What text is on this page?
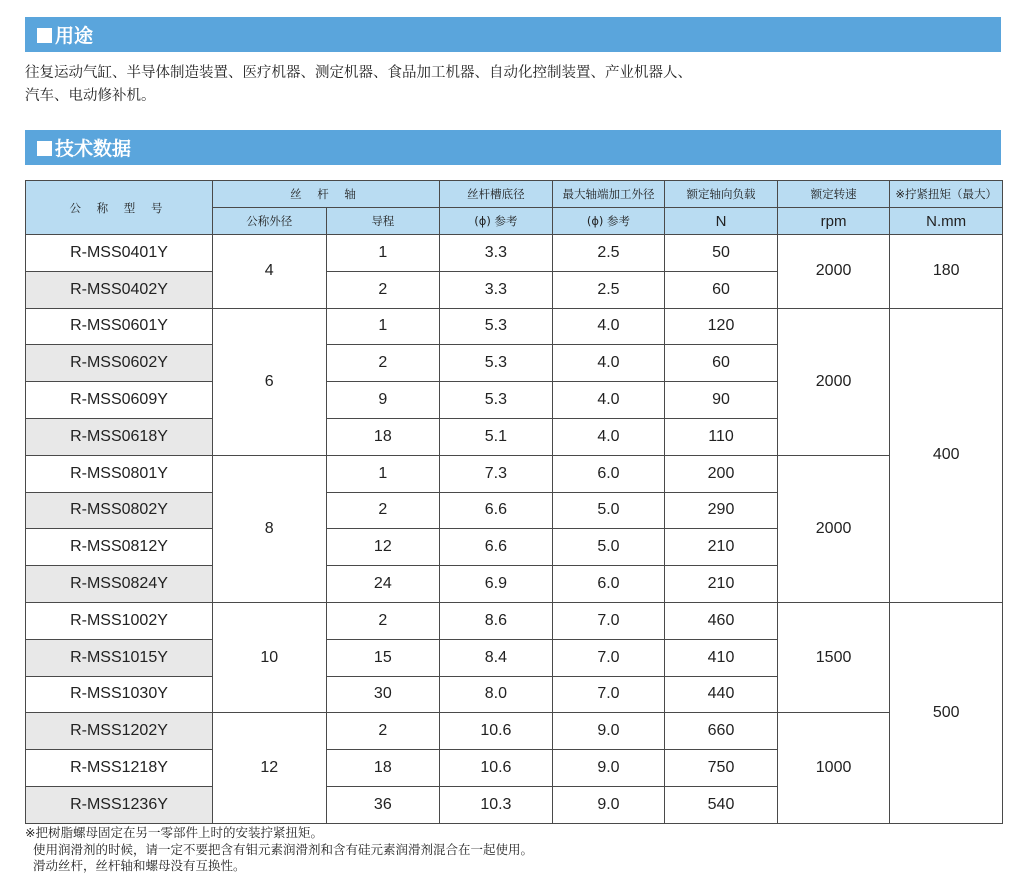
用途
往复运动气缸、半导体制造装置、医疗机器、测定机器、食品加工机器、自动化控制装置、产业机器人、
汽车、电动修补机。
技术数据
公 称 型 号	丝 杆 轴		丝杆槽底径	最大轴端加工外径	额定轴向负载	额定转速	※拧紧扭矩（最大）
	公称外径	导程	(ϕ) 参考	(ϕ) 参考	N	rpm	N.mm
R-MSS0401Y	4	1	3.3	2.5	50	2000	180
R-MSS0402Y		2	3.3	2.5	60		
R-MSS0601Y	6	1	5.3	4.0	120	2000	400
R-MSS0602Y		2	5.3	4.0	60		
R-MSS0609Y		9	5.3	4.0	90		
R-MSS0618Y		18	5.1	4.0	110		
R-MSS0801Y	8	1	7.3	6.0	200	2000	
R-MSS0802Y		2	6.6	5.0	290		
R-MSS0812Y		12	6.6	5.0	210		
R-MSS0824Y		24	6.9	6.0	210		
R-MSS1002Y	10	2	8.6	7.0	460	1500	500
R-MSS1015Y		15	8.4	7.0	410		
R-MSS1030Y		30	8.0	7.0	440		
R-MSS1202Y	12	2	10.6	9.0	660	1000	
R-MSS1218Y		18	10.6	9.0	750		
R-MSS1236Y		36	10.3	9.0	540		
※把树脂螺母固定在另一零部件上时的安装拧紧扭矩。
使用润滑剂的时候，请一定不要把含有钼元素润滑剂和含有硅元素润滑剂混合在一起使用。
滑动丝杆，丝杆轴和螺母没有互换性。
